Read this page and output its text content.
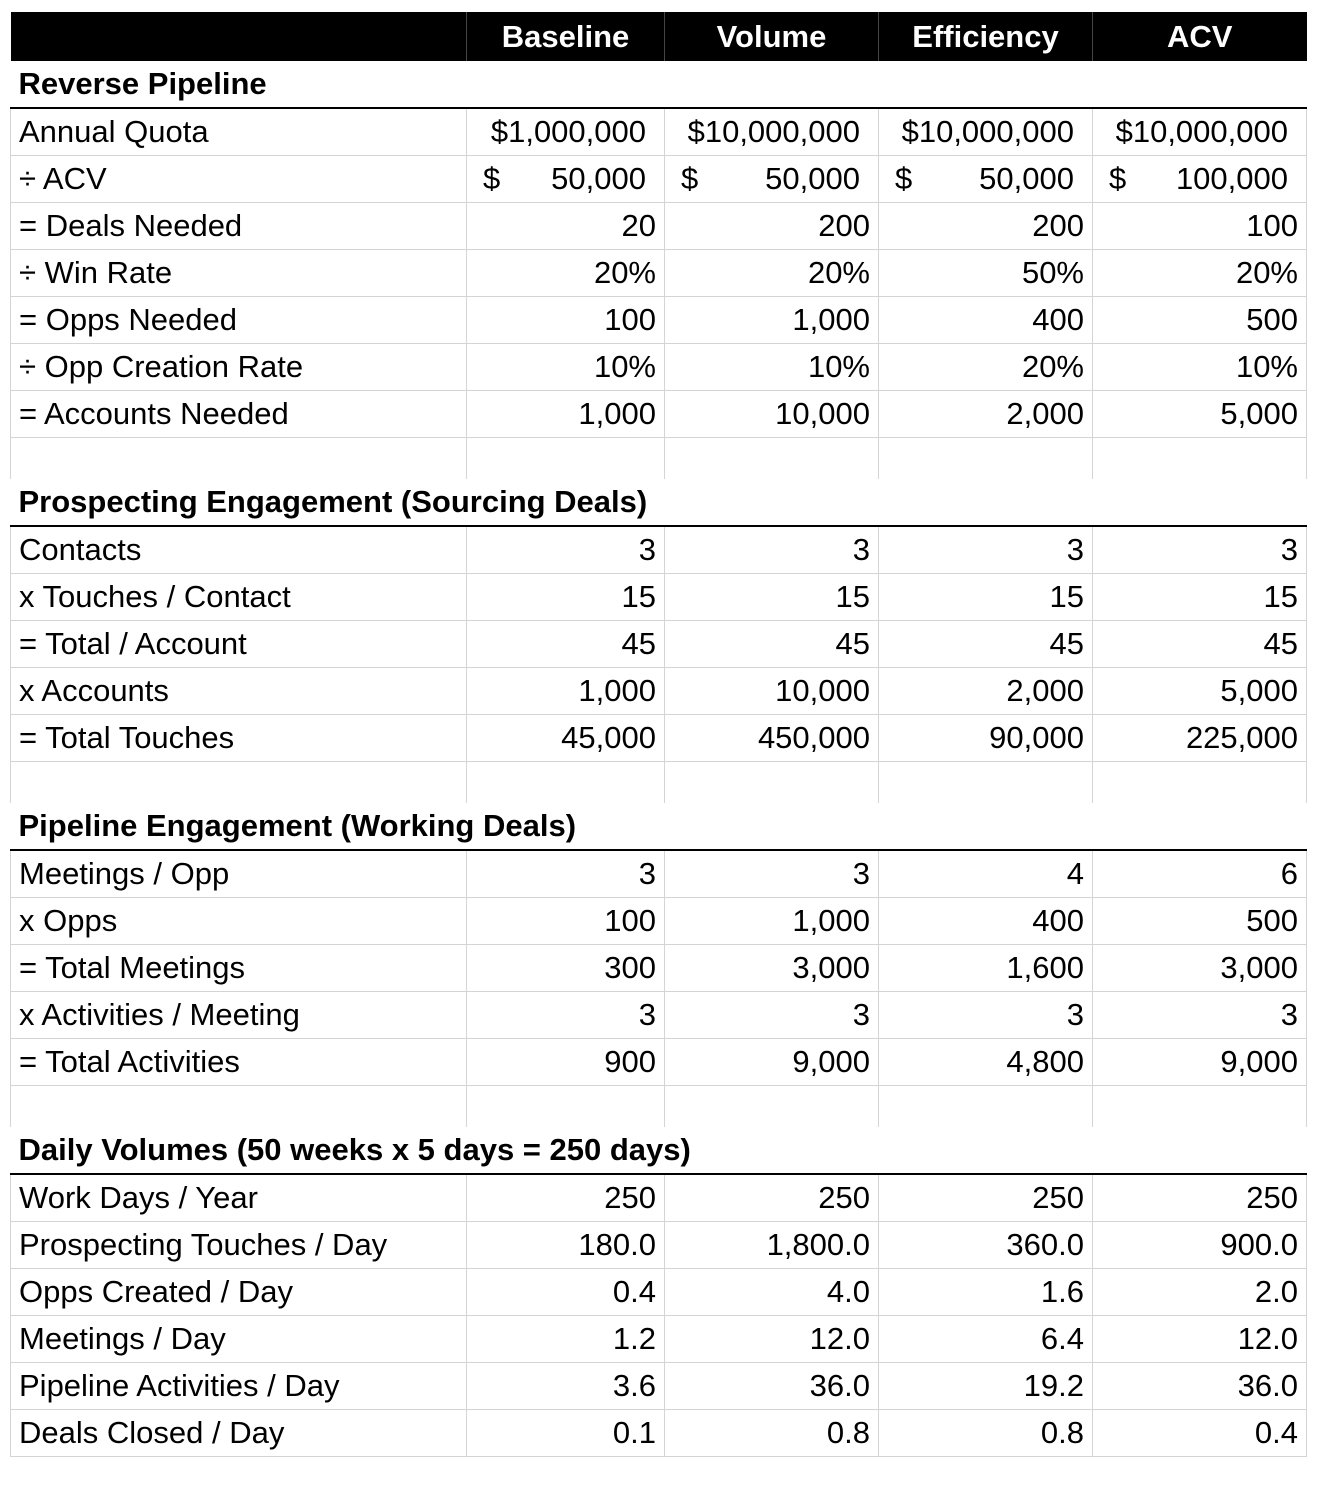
	Baseline	Volume	Efficiency	ACV
Reverse Pipeline				
Annual Quota	$1,000,000	$10,000,000	$10,000,000	$10,000,000
÷ ACV	$ 50,000	$ 50,000	$ 50,000	$ 100,000

= Deals Needed	20	200	200	100
÷ Win Rate	20%	20%	50%	20%
= Opps Needed	100	1,000	400	500
÷ Opp Creation Rate	10%	10%	20%	10%
= Accounts Needed	1,000	10,000	2,000	5,000

Prospecting Engagement (Sourcing Deals)				
Contacts	3	3	3	3
x Touches / Contact	15	15	15	15
= Total / Account	45	45	45	45
x Accounts	1,000	10,000	2,000	5,000
= Total Touches	45,000	450,000	90,000	225,000

Pipeline Engagement (Working Deals)				
Meetings / Opp	3	3	4	6
x Opps	100	1,000	400	500
= Total Meetings	300	3,000	1,600	3,000
x Activities / Meeting	3	3	3	3
= Total Activities	900	9,000	4,800	9,000

Daily Volumes (50 weeks x 5 days = 250 days)				
Work Days / Year	250	250	250	250
Prospecting Touches / Day	180.0	1,800.0	360.0	900.0
Opps Created / Day	0.4	4.0	1.6	2.0
Meetings / Day	1.2	12.0	6.4	12.0
Pipeline Activities / Day	3.6	36.0	19.2	36.0
Deals Closed / Day	0.1	0.8	0.8	0.4
